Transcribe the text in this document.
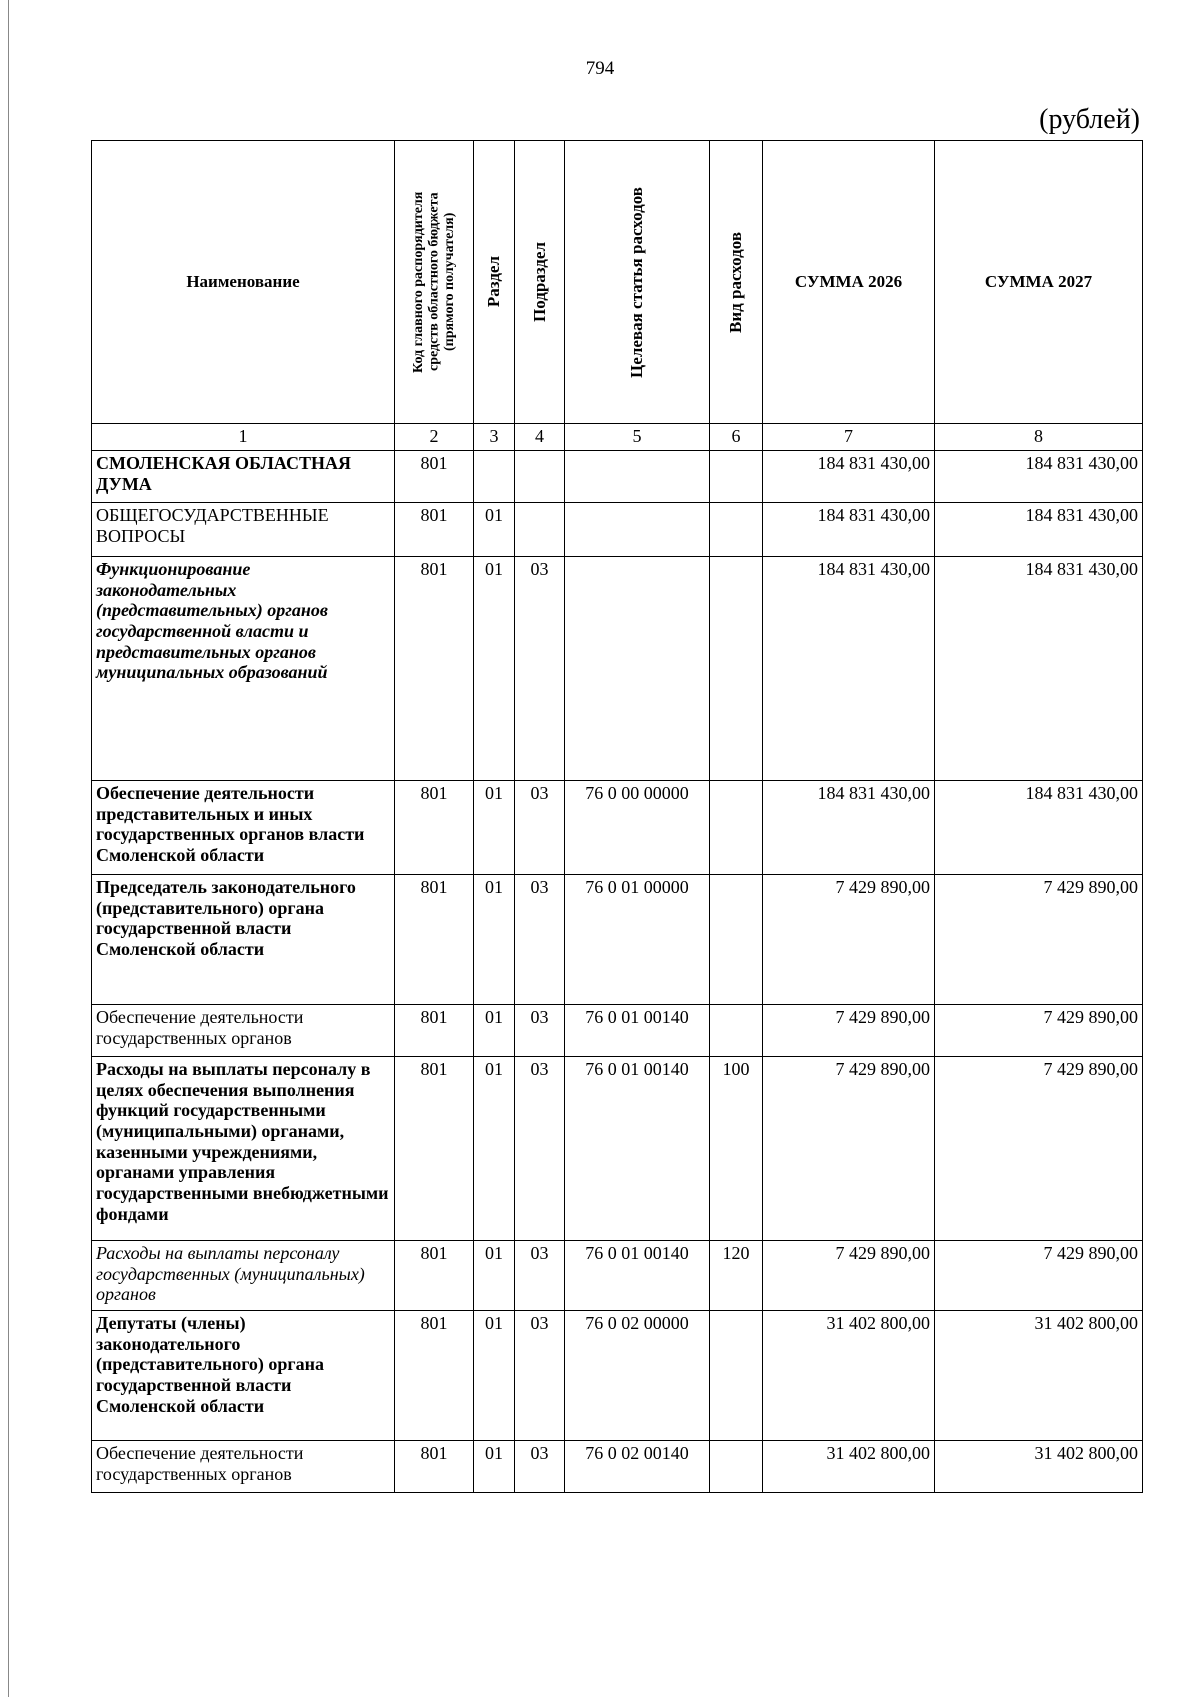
794
(рублей)
Наименование	Код главного распорядителя средств областного бюджета (прямого получателя)	Раздел	Подраздел	Целевая статья расходов	Вид расходов	СУММА 2026	СУММА 2027
1	2	3	4	5	6	7	8
СМОЛЕНСКАЯ ОБЛАСТНАЯ ДУМА	801					184 831 430,00	184 831 430,00
ОБЩЕГОСУДАРСТВЕННЫЕ ВОПРОСЫ	801	01				184 831 430,00	184 831 430,00
Функционирование законодательных (представительных) органов государственной власти и представительных органов муниципальных образований	801	01	03			184 831 430,00	184 831 430,00
Обеспечение деятельности представительных и иных государственных органов власти Смоленской области	801	01	03	76 0 00 00000		184 831 430,00	184 831 430,00
Председатель законодательного (представительного) органа государственной власти Смоленской области	801	01	03	76 0 01 00000		7 429 890,00	7 429 890,00
Обеспечение деятельности государственных органов	801	01	03	76 0 01 00140		7 429 890,00	7 429 890,00
Расходы на выплаты персоналу в целях обеспечения выполнения функций государственными (муниципальными) органами, казенными учреждениями, органами управления государственными внебюджетными фондами	801	01	03	76 0 01 00140	100	7 429 890,00	7 429 890,00
Расходы на выплаты персоналу государственных (муниципальных) органов	801	01	03	76 0 01 00140	120	7 429 890,00	7 429 890,00
Депутаты (члены) законодательного (представительного) органа государственной власти Смоленской области	801	01	03	76 0 02 00000		31 402 800,00	31 402 800,00
Обеспечение деятельности государственных органов	801	01	03	76 0 02 00140		31 402 800,00	31 402 800,00
